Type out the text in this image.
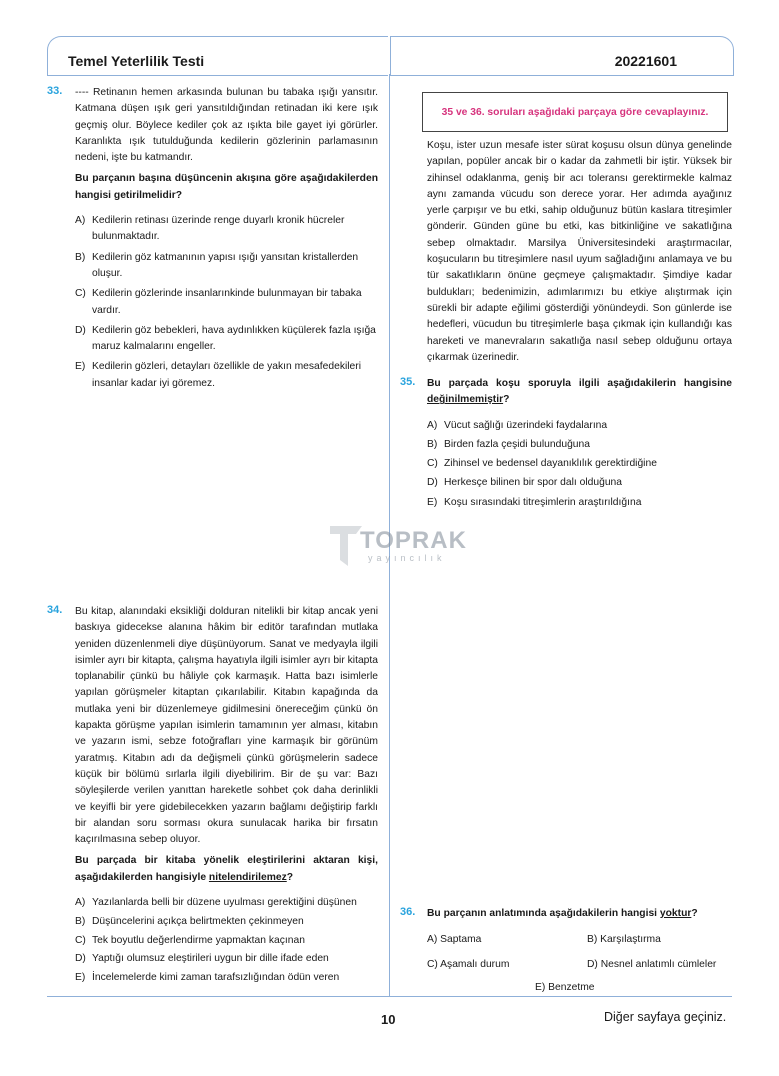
Temel Yeterlilik Testi	20221601
33. ---- Retinanın hemen arkasında bulunan bu tabaka ışığı yansıtır. Katmana düşen ışık geri yansıtıldığından retinadan iki kere ışık geçmiş olur. Böylece kediler çok az ışıkta bile gayet iyi görürler. Karanlıkta ışık tutulduğunda kedilerin gözlerinin parlamasının nedeni, işte bu katmandır.

Bu parçanın başına düşüncenin akışına göre aşağıdakilerden hangisi getirilmelidir?

A) Kedilerin retinası üzerinde renge duyarlı kronik hücreler bulunmaktadır.
B) Kedilerin göz katmanının yapısı ışığı yansıtan kristallerden oluşur.
C) Kedilerin gözlerinde insanlarınkinde bulunmayan bir tabaka vardır.
D) Kedilerin göz bebekleri, hava aydınlıkken küçülerek fazla ışığa maruz kalmalarını engeller.
E) Kedilerin gözleri, detayları özellikle de yakın mesafedekileri insanlar kadar iyi göremez.
35 ve 36. soruları aşağıdaki parçaya göre cevaplayınız.

Koşu, ister uzun mesafe ister sürat koşusu olsun dünya genelinde yapılan, popüler ancak bir o kadar da zahmetli bir iştir. Yüksek bir zihinsel odaklanma, geniş bir acı toleransı gerektirmekle kalmaz aynı zamanda vücudu son derece yorar. Her adımda ayağınız yerle çarpışır ve bu etki, sahip olduğunuz bütün kaslara titreşimler gönderir. Günden güne bu etki, kas bitkinliğine ve sakatlığına sebep olmaktadır. Marsilya Üniversitesindeki araştırmacılar, koşucuların bu titreşimlere nasıl uyum sağladığını anlamaya ve bu tür sakatlıkların önüne geçmeye çalışmaktadır. Şimdiye kadar buldukları; bedenimizin, adımlarımızı bu etkiye alıştırmak için sürekli bir adapte eğilimi gösterdiği yönündeydi. Son günlerde ise hedefleri, vücudun bu titreşimlerle başa çıkmak için kullandığı kas hareketi ve manevraların sakatlığa nasıl sebep olduğunu ortaya çıkarmak üzerinedir.

35. Bu parçada koşu sporuyla ilgili aşağıdakilerin hangisine değinilmemiştir?

A) Vücut sağlığı üzerindeki faydalarına
B) Birden fazla çeşidi bulunduğuna
C) Zihinsel ve bedensel dayanıklılık gerektirdiğine
D) Herkesçe bilinen bir spor dalı olduğuna
E) Koşu sırasındaki titreşimlerin araştırıldığına
TOPRAK
yayıncılık
34. Bu kitap, alanındaki eksikliği dolduran nitelikli bir kitap ancak yeni baskıya gidecekse alanına hâkim bir editör tarafından mutlaka yeniden düzenlenmeli diye düşünüyorum. Sanat ve medyayla ilgili isimler ayrı bir kitapta, çalışma hayatıyla ilgili isimler ayrı bir kitapta toplanabilir çünkü bu hâliyle çok karmaşık. Hatta bazı isimlerle yapılan görüşmeler kitaptan çıkarılabilir. Kitabın kapağında da mutlaka yeni bir düzenlemeye gidilmesini önereceğim çünkü ön kapakta görüşme yapılan isimlerin tamamının yer alması, kitabın ve yazarın ismi, sebze fotoğrafları yine karmaşık bir görünüm yaratmış. Kitabın adı da değişmeli çünkü görüşmelerin sadece küçük bir bölümü sırlarla ilgili diyebilirim. Bir de şu var: Bazı söyleşilerde verilen yanıttan hareketle sohbet çok daha derinlikli ve keyifli bir yere gidebilecekken yazarın bağlamı değiştirip farklı bir alandan soru sorması okura sunulacak harika bir fırsatın kaçırılmasına sebep oluyor.

Bu parçada bir kitaba yönelik eleştirilerini aktaran kişi, aşağıdakilerden hangisiyle nitelendirilemez?

A) Yazılanlarda belli bir düzene uyulması gerektiğini düşünen
B) Düşüncelerini açıkça belirtmekten çekinmeyen
C) Tek boyutlu değerlendirme yapmaktan kaçınan
D) Yaptığı olumsuz eleştirileri uygun bir dille ifade eden
E) İncelemelerde kimi zaman tarafsızlığından ödün veren
36. Bu parçanın anlatımında aşağıdakilerin hangisi yoktur?

A) Saptama	B) Karşılaştırma
C) Aşamalı durum	D) Nesnel anlatımlı cümleler
E) Benzetme
10	Diğer sayfaya geçiniz.
